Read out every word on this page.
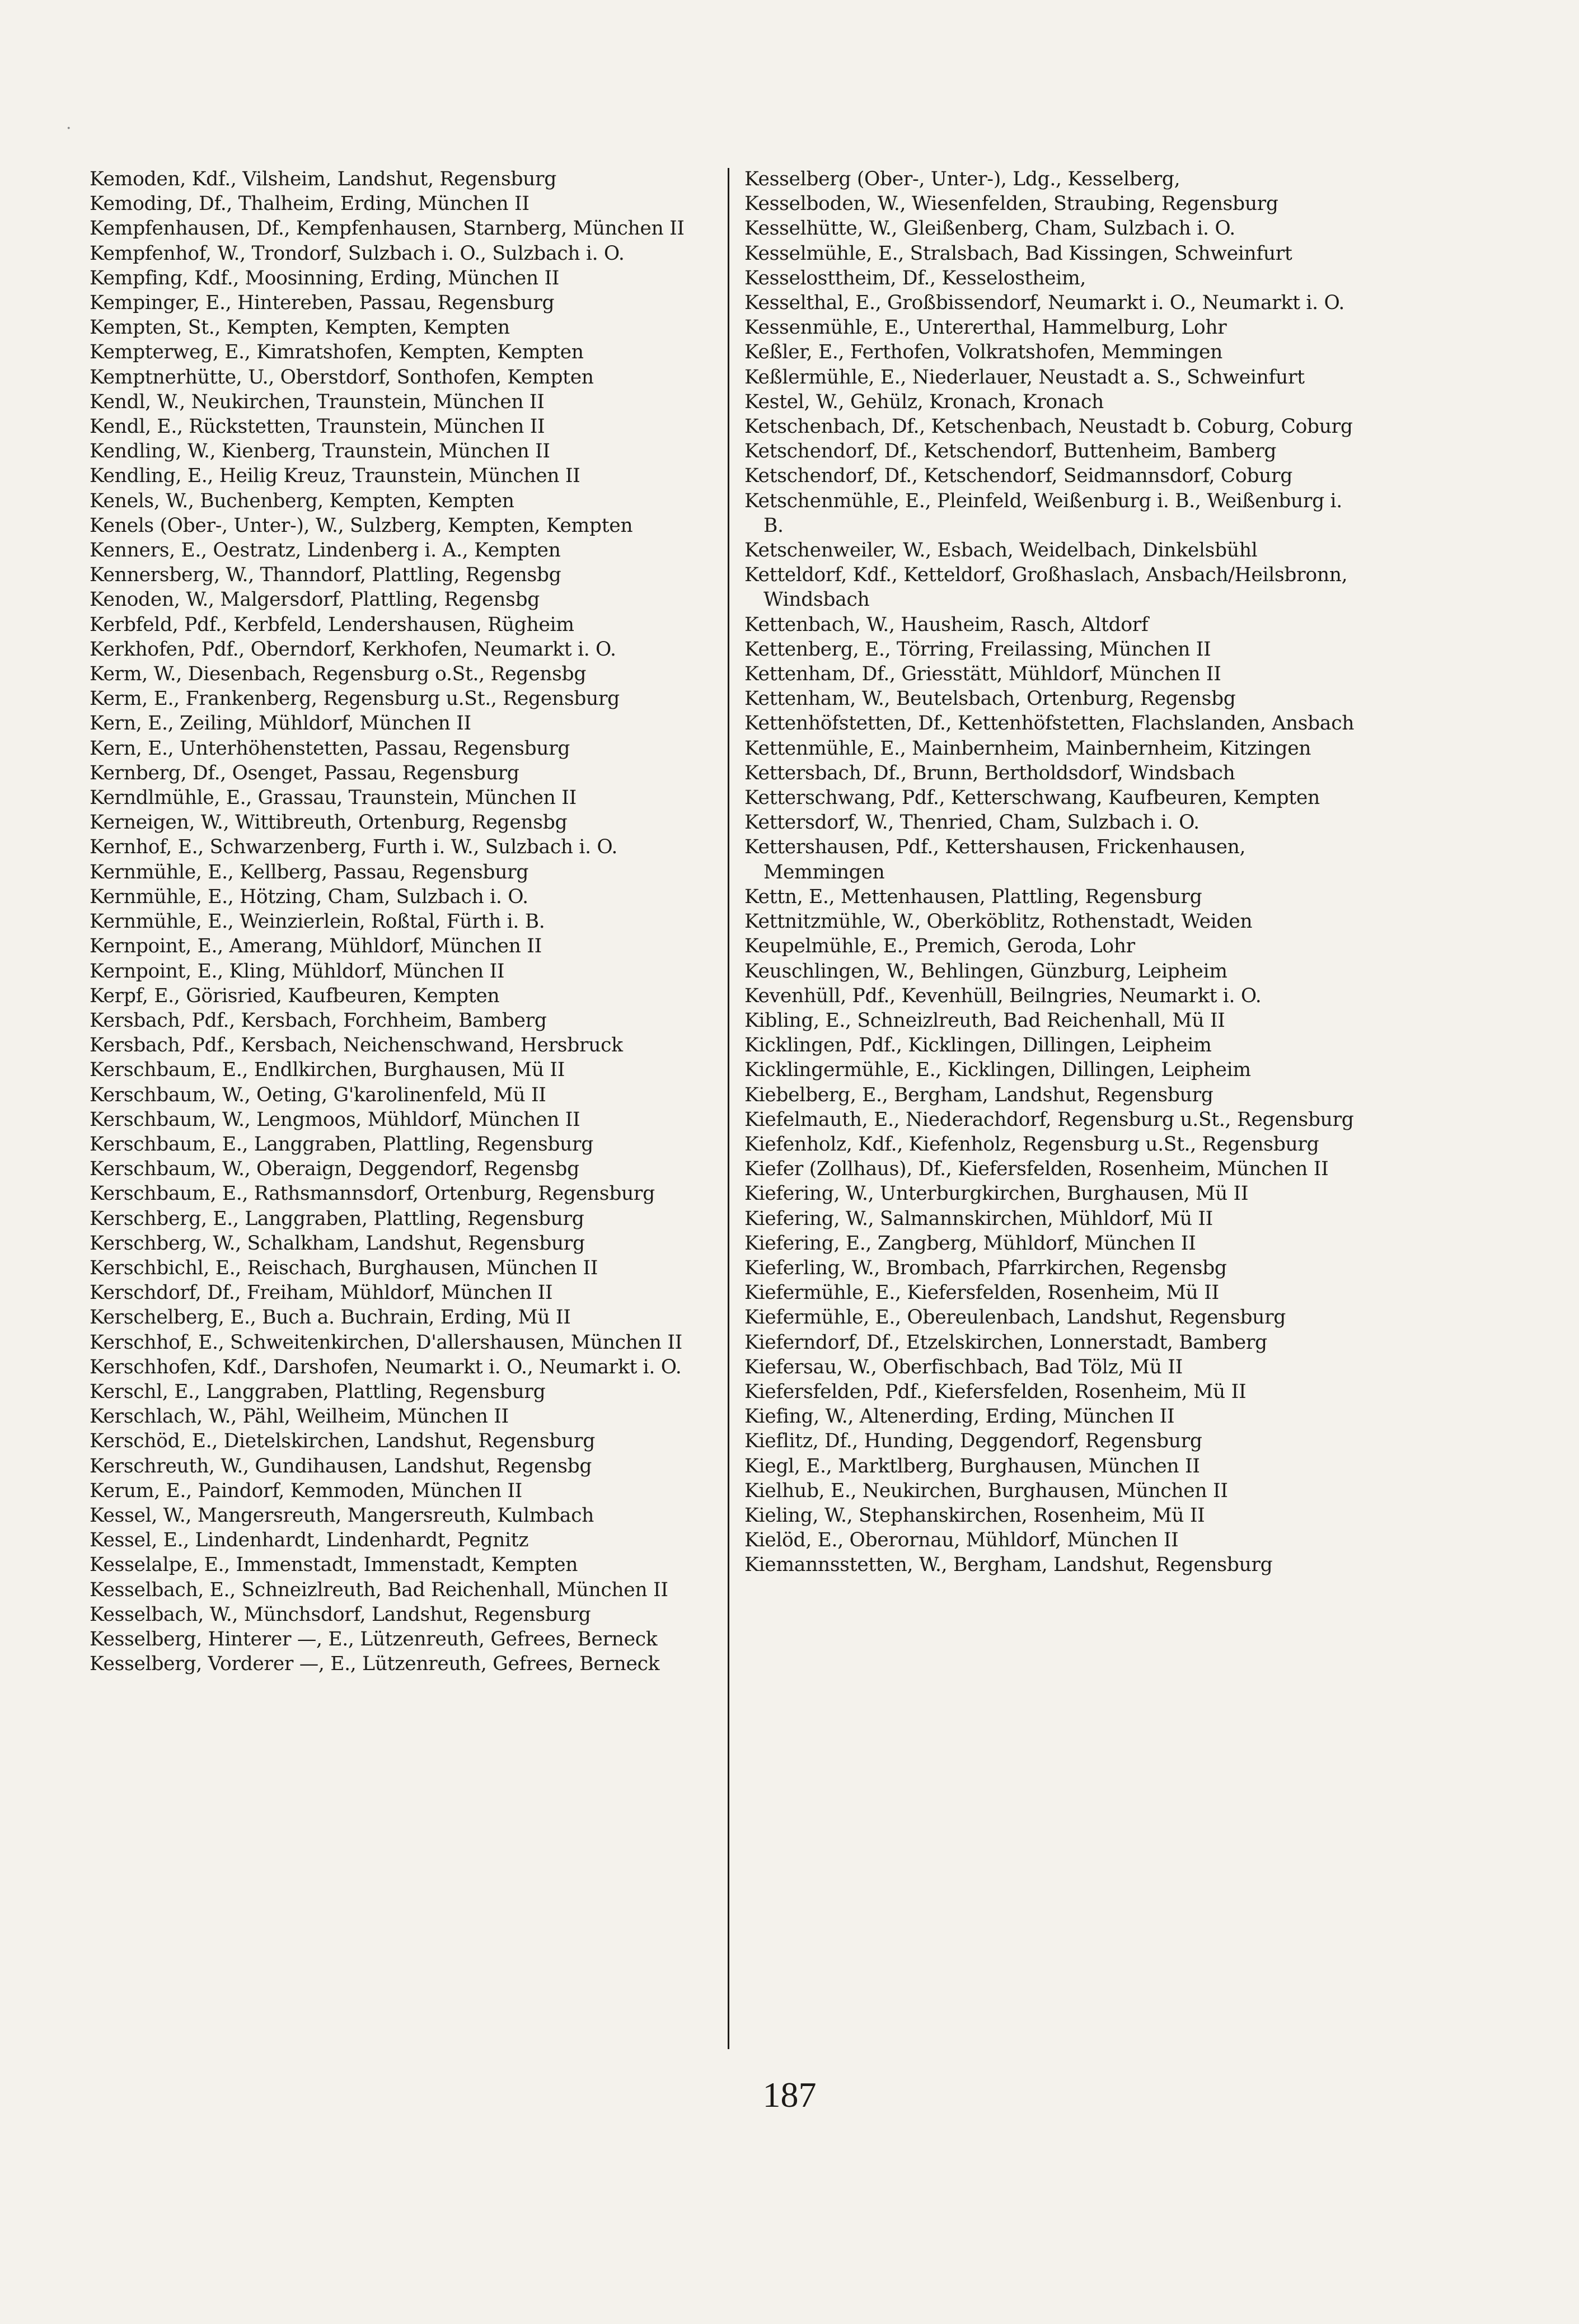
·
Kemoden, Kdf., Vilsheim, Landshut, Regensburg
Kemoding, Df., Thalheim, Erding, München II
Kempfenhausen, Df., Kempfenhausen, Starnberg, München II
Kempfenhof, W., Trondorf, Sulzbach i. O., Sulzbach i. O.
Kempfing, Kdf., Moosinning, Erding, München II
Kempinger, E., Hintereben, Passau, Regensburg
Kempten, St., Kempten, Kempten, Kempten
Kempterweg, E., Kimratshofen, Kempten, Kempten
Kemptnerhütte, U., Oberstdorf, Sonthofen, Kempten
Kendl, W., Neukirchen, Traunstein, München II
Kendl, E., Rückstetten, Traunstein, München II
Kendling, W., Kienberg, Traunstein, München II
Kendling, E., Heilig Kreuz, Traunstein, München II
Kenels, W., Buchenberg, Kempten, Kempten
Kenels (Ober-, Unter-), W., Sulzberg, Kempten, Kempten
Kenners, E., Oestratz, Lindenberg i. A., Kempten
Kennersberg, W., Thanndorf, Plattling, Regensbg
Kenoden, W., Malgersdorf, Plattling, Regensbg
Kerbfeld, Pdf., Kerbfeld, Lendershausen, Rügheim
Kerkhofen, Pdf., Oberndorf, Kerkhofen, Neumarkt i. O.
Kerm, W., Diesenbach, Regensburg o.St., Regensbg
Kerm, E., Frankenberg, Regensburg u.St., Regensburg
Kern, E., Zeiling, Mühldorf, München II
Kern, E., Unterhöhenstetten, Passau, Regensburg
Kernberg, Df., Osenget, Passau, Regensburg
Kerndlmühle, E., Grassau, Traunstein, München II
Kerneigen, W., Wittibreuth, Ortenburg, Regensbg
Kernhof, E., Schwarzenberg, Furth i. W., Sulzbach i. O.
Kernmühle, E., Kellberg, Passau, Regensburg
Kernmühle, E., Hötzing, Cham, Sulzbach i. O.
Kernmühle, E., Weinzierlein, Roßtal, Fürth i. B.
Kernpoint, E., Amerang, Mühldorf, München II
Kernpoint, E., Kling, Mühldorf, München II
Kerpf, E., Görisried, Kaufbeuren, Kempten
Kersbach, Pdf., Kersbach, Forchheim, Bamberg
Kersbach, Pdf., Kersbach, Neichenschwand, Hersbruck
Kerschbaum, E., Endlkirchen, Burghausen, Mü II
Kerschbaum, W., Oeting, G'karolinenfeld, Mü II
Kerschbaum, W., Lengmoos, Mühldorf, München II
Kerschbaum, E., Langgraben, Plattling, Regensburg
Kerschbaum, W., Oberaign, Deggendorf, Regensbg
Kerschbaum, E., Rathsmannsdorf, Ortenburg, Regensburg
Kerschberg, E., Langgraben, Plattling, Regensburg
Kerschberg, W., Schalkham, Landshut, Regensburg
Kerschbichl, E., Reischach, Burghausen, München II
Kerschdorf, Df., Freiham, Mühldorf, München II
Kerschelberg, E., Buch a. Buchrain, Erding, Mü II
Kerschhof, E., Schweitenkirchen, D'allershausen, München II
Kerschhofen, Kdf., Darshofen, Neumarkt i. O., Neumarkt i. O.
Kerschl, E., Langgraben, Plattling, Regensburg
Kerschlach, W., Pähl, Weilheim, München II
Kerschöd, E., Dietelskirchen, Landshut, Regensburg
Kerschreuth, W., Gundihausen, Landshut, Regensbg
Kerum, E., Paindorf, Kemmoden, München II
Kessel, W., Mangersreuth, Mangersreuth, Kulmbach
Kessel, E., Lindenhardt, Lindenhardt, Pegnitz
Kesselalpe, E., Immenstadt, Immenstadt, Kempten
Kesselbach, E., Schneizlreuth, Bad Reichenhall, München II
Kesselbach, W., Münchsdorf, Landshut, Regensburg
Kesselberg, Hinterer —, E., Lützenreuth, Gefrees, Berneck
Kesselberg, Vorderer —, E., Lützenreuth, Gefrees, Berneck
Kesselberg (Ober-, Unter-), Ldg., Kesselberg,
Kesselboden, W., Wiesenfelden, Straubing, Regensburg
Kesselhütte, W., Gleißenberg, Cham, Sulzbach i. O.
Kesselmühle, E., Stralsbach, Bad Kissingen, Schweinfurt
Kesselosttheim, Df., Kesselostheim,
Kesselthal, E., Großbissendorf, Neumarkt i. O., Neumarkt i. O.
Kessenmühle, E., Untererthal, Hammelburg, Lohr
Keßler, E., Ferthofen, Volkratshofen, Memmingen
Keßlermühle, E., Niederlauer, Neustadt a. S., Schweinfurt
Kestel, W., Gehülz, Kronach, Kronach
Ketschenbach, Df., Ketschenbach, Neustadt b. Coburg, Coburg
Ketschendorf, Df., Ketschendorf, Buttenheim, Bamberg
Ketschendorf, Df., Ketschendorf, Seidmannsdorf, Coburg
Ketschenmühle, E., Pleinfeld, Weißenburg i. B., Weißenburg i. B.
Ketschenweiler, W., Esbach, Weidelbach, Dinkelsbühl
Ketteldorf, Kdf., Ketteldorf, Großhaslach, Ansbach/Heilsbronn, Windsbach
Kettenbach, W., Hausheim, Rasch, Altdorf
Kettenberg, E., Törring, Freilassing, München II
Kettenham, Df., Griesstätt, Mühldorf, München II
Kettenham, W., Beutelsbach, Ortenburg, Regensbg
Kettenhöfstetten, Df., Kettenhöfstetten, Flachslanden, Ansbach
Kettenmühle, E., Mainbernheim, Mainbernheim, Kitzingen
Kettersbach, Df., Brunn, Bertholdsdorf, Windsbach
Ketterschwang, Pdf., Ketterschwang, Kaufbeuren, Kempten
Kettersdorf, W., Thenried, Cham, Sulzbach i. O.
Kettershausen, Pdf., Kettershausen, Frickenhausen, Memmingen
Kettn, E., Mettenhausen, Plattling, Regensburg
Kettnitzmühle, W., Oberköblitz, Rothenstadt, Weiden
Keupelmühle, E., Premich, Geroda, Lohr
Keuschlingen, W., Behlingen, Günzburg, Leipheim
Kevenhüll, Pdf., Kevenhüll, Beilngries, Neumarkt i. O.
Kibling, E., Schneizlreuth, Bad Reichenhall, Mü II
Kicklingen, Pdf., Kicklingen, Dillingen, Leipheim
Kicklingermühle, E., Kicklingen, Dillingen, Leipheim
Kiebelberg, E., Bergham, Landshut, Regensburg
Kiefelmauth, E., Niederachdorf, Regensburg u.St., Regensburg
Kiefenholz, Kdf., Kiefenholz, Regensburg u.St., Regensburg
Kiefer (Zollhaus), Df., Kiefersfelden, Rosenheim, München II
Kiefering, W., Unterburgkirchen, Burghausen, Mü II
Kiefering, W., Salmannskirchen, Mühldorf, Mü II
Kiefering, E., Zangberg, Mühldorf, München II
Kieferling, W., Brombach, Pfarrkirchen, Regensbg
Kiefermühle, E., Kiefersfelden, Rosenheim, Mü II
Kiefermühle, E., Obereulenbach, Landshut, Regensburg
Kieferndorf, Df., Etzelskirchen, Lonnerstadt, Bamberg
Kiefersau, W., Oberfischbach, Bad Tölz, Mü II
Kiefersfelden, Pdf., Kiefersfelden, Rosenheim, Mü II
Kiefing, W., Altenerding, Erding, München II
Kieflitz, Df., Hunding, Deggendorf, Regensburg
Kiegl, E., Marktlberg, Burghausen, München II
Kielhub, E., Neukirchen, Burghausen, München II
Kieling, W., Stephanskirchen, Rosenheim, Mü II
Kielöd, E., Oberornau, Mühldorf, München II
Kiemannsstetten, W., Bergham, Landshut, Regensburg
187
